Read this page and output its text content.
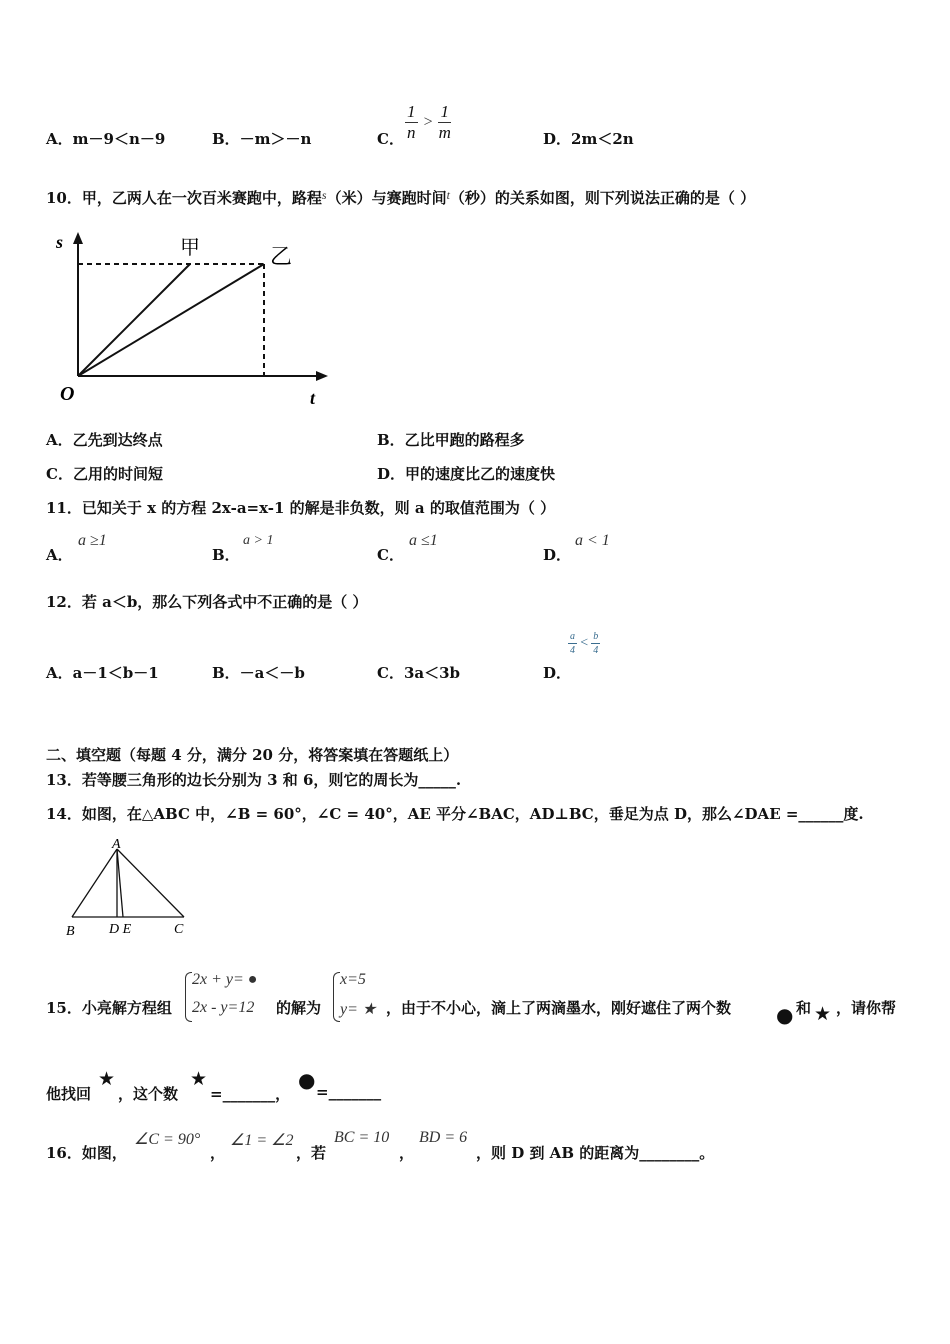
A．m－9＜n－9	B．－m＞－n	C． $\frac{1}{n} > \frac{1}{m}$	D．2m＜2n
10．甲，乙两人在一次百米赛跑中，路程$^s$（米）与赛跑时间$^t$（秒）的关系如图，则下列说法正确的是（ ）
s
t
O
甲	乙
A．乙先到达终点	B．乙比甲跑的路程多
C．乙用的时间短	D．甲的速度比乙的速度快
11．已知关于 x 的方程 2x-a=x-1 的解是非负数，则 a 的取值范围为（ ）
A．
a ≥1
B．
a > 1
C．
a ≤1
D．
a < 1
12．若 a＜b，那么下列各式中不正确的是（ ）
A．a－1＜b－1	B．－a＜－b	C．3a＜3b	D．
$\frac{a}{4} < \frac{b}{4}$
二、填空题（每题 4 分，满分 20 分，将答案填在答题纸上）
13．若等腰三角形的边长分别为 3 和 6，则它的周长为_____.
14．如图，在△ABC 中，∠B = 60°，∠C = 40°，AE 平分∠BAC，AD⊥BC，垂足为点 D，那么∠DAE =______度.
A
B D E	C
15．小亮解方程组
2x + y= ●
2x - y=12 的解为
x=5
y= ★ ，由于不小心，滴上了两滴墨水，刚好遮住了两个数 ● 和 ★ ，请你帮
他找回
★
，这个数
★
=_______，
● =_______
16．如图，
∠C = 90°
，
∠1 = ∠2
，若
BC = 10
，
BD = 6
，则 D 到 AB 的距离为________。
